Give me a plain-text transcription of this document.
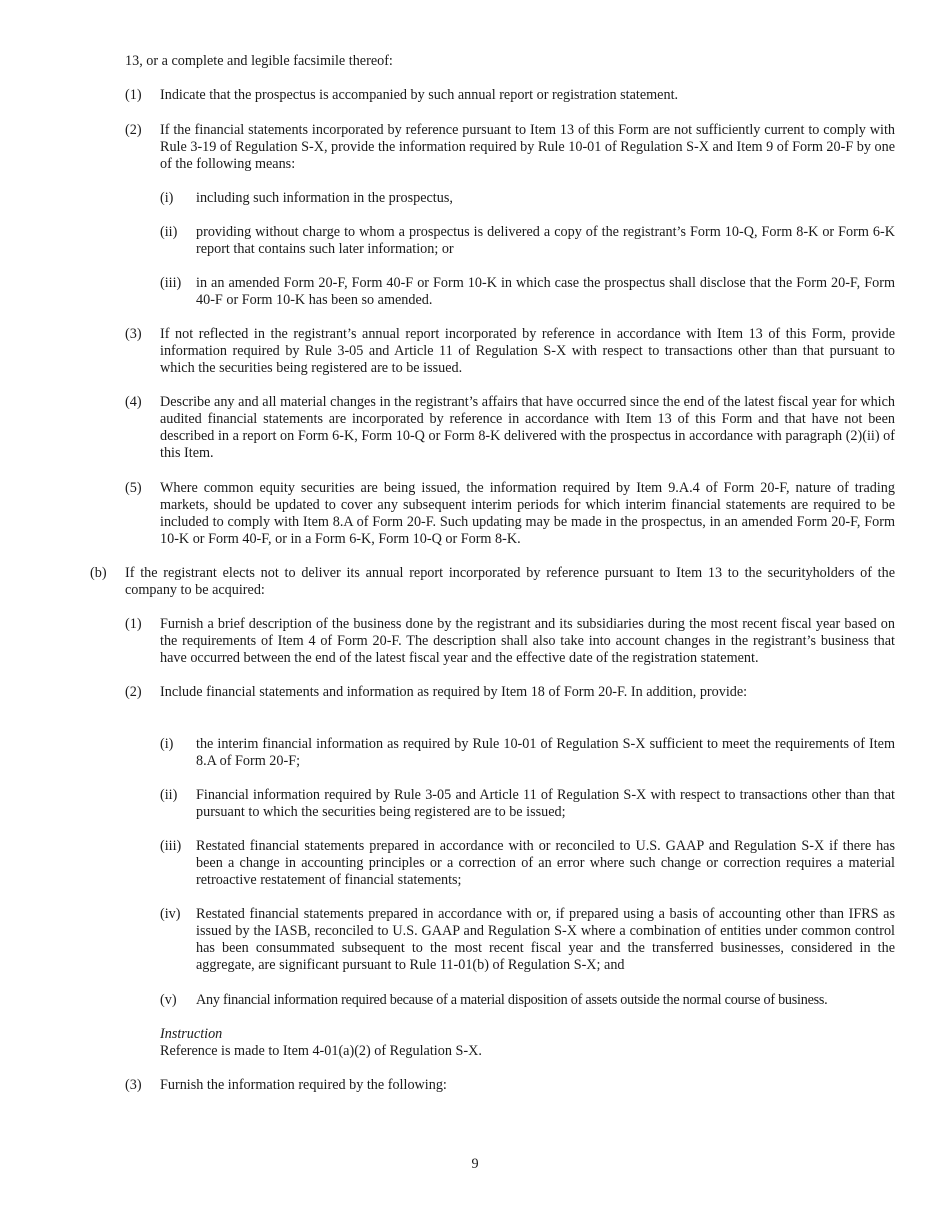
13, or a complete and legible facsimile thereof:
(1) Indicate that the prospectus is accompanied by such annual report or registration statement.
(2) If the financial statements incorporated by reference pursuant to Item 13 of this Form are not sufficiently current to comply with Rule 3-19 of Regulation S-X, provide the information required by Rule 10-01 of Regulation S-X and Item 9 of Form 20-F by one of the following means:
(i) including such information in the prospectus,
(ii) providing without charge to whom a prospectus is delivered a copy of the registrant’s Form 10-Q, Form 8-K or Form 6-K report that contains such later information; or
(iii) in an amended Form 20-F, Form 40-F or Form 10-K in which case the prospectus shall disclose that the Form 20-F, Form 40-F or Form 10-K has been so amended.
(3) If not reflected in the registrant’s annual report incorporated by reference in accordance with Item 13 of this Form, provide information required by Rule 3-05 and Article 11 of Regulation S-X with respect to transactions other than that pursuant to which the securities being registered are to be issued.
(4) Describe any and all material changes in the registrant’s affairs that have occurred since the end of the latest fiscal year for which audited financial statements are incorporated by reference in accordance with Item 13 of this Form and that have not been described in a report on Form 6-K, Form 10-Q or Form 8-K delivered with the prospectus in accordance with paragraph (2)(ii) of this Item.
(5) Where common equity securities are being issued, the information required by Item 9.A.4 of Form 20-F, nature of trading markets, should be updated to cover any subsequent interim periods for which interim financial statements are required to be included to comply with Item 8.A of Form 20-F. Such updating may be made in the prospectus, in an amended Form 20-F, Form 10-K or Form 40-F, or in a Form 6-K, Form 10-Q or Form 8-K.
(b) If the registrant elects not to deliver its annual report incorporated by reference pursuant to Item 13 to the securityholders of the company to be acquired:
(1) Furnish a brief description of the business done by the registrant and its subsidiaries during the most recent fiscal year based on the requirements of Item 4 of Form 20-F. The description shall also take into account changes in the registrant’s business that have occurred between the end of the latest fiscal year and the effective date of the registration statement.
(2) Include financial statements and information as required by Item 18 of Form 20-F. In addition, provide:
(i) the interim financial information as required by Rule 10-01 of Regulation S-X sufficient to meet the requirements of Item 8.A of Form 20-F;
(ii) Financial information required by Rule 3-05 and Article 11 of Regulation S-X with respect to transactions other than that pursuant to which the securities being registered are to be issued;
(iii) Restated financial statements prepared in accordance with or reconciled to U.S. GAAP and Regulation S-X if there has been a change in accounting principles or a correction of an error where such change or correction requires a material retroactive restatement of financial statements;
(iv) Restated financial statements prepared in accordance with or, if prepared using a basis of accounting other than IFRS as issued by the IASB, reconciled to U.S. GAAP and Regulation S-X where a combination of entities under common control has been consummated subsequent to the most recent fiscal year and the transferred businesses, considered in the aggregate, are significant pursuant to Rule 11-01(b) of Regulation S-X; and
(v) Any financial information required because of a material disposition of assets outside the normal course of business.
Instruction
Reference is made to Item 4-01(a)(2) of Regulation S-X.
(3) Furnish the information required by the following:
9
